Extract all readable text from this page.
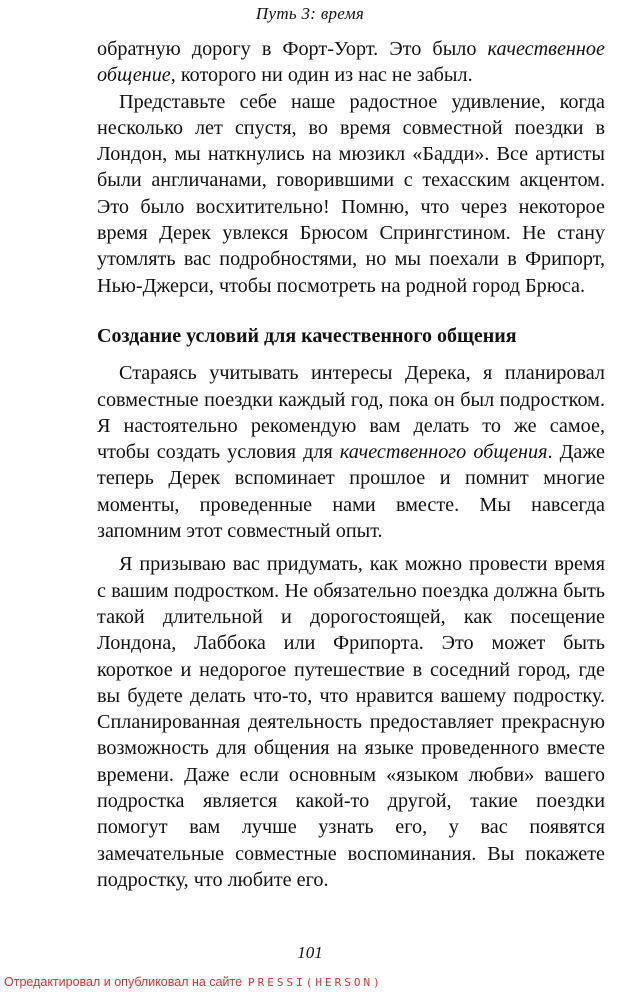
Путь 3: время

обратную дорогу в Форт-Уорт. Это было качественное общение, которого ни один из нас не забыл.

Представьте себе наше радостное удивление, когда несколько лет спустя, во время совместной поездки в Лондон, мы наткнулись на мюзикл «Бадди». Все артисты были англичанами, говорившими с техасским акцентом. Это было восхитительно! Помню, что через некоторое время Дерек увлекся Брюсом Спрингстином. Не стану утомлять вас подробностями, но мы поехали в Фрипорт, Нью-Джерси, чтобы посмотреть на родной город Брюса.

Создание условий для качественного общения

Стараясь учитывать интересы Дерека, я планировал совместные поездки каждый год, пока он был подростком. Я настоятельно рекомендую вам делать то же самое, чтобы создать условия для качественного общения. Даже теперь Дерек вспоминает прошлое и помнит многие моменты, проведенные нами вместе. Мы навсегда запомним этот совместный опыт.

Я призываю вас придумать, как можно провести время с вашим подростком. Не обязательно поездка должна быть такой длительной и дорогостоящей, как посещение Лондона, Лаббока или Фрипорта. Это может быть короткое и недорогое путешествие в соседний город, где вы будете делать что-то, что нравится вашему подростку. Спланированная деятельность предоставляет прекрасную возможность для общения на языке проведенного вместе времени. Даже если основным «языком любви» вашего подростка является какой-то другой, такие поездки помогут вам лучше узнать его, у вас появятся замечательные совместные воспоминания. Вы покажете подростку, что любите его.

101
Отредактировал и опубликовал на сайте PRESSI(HERSON)
